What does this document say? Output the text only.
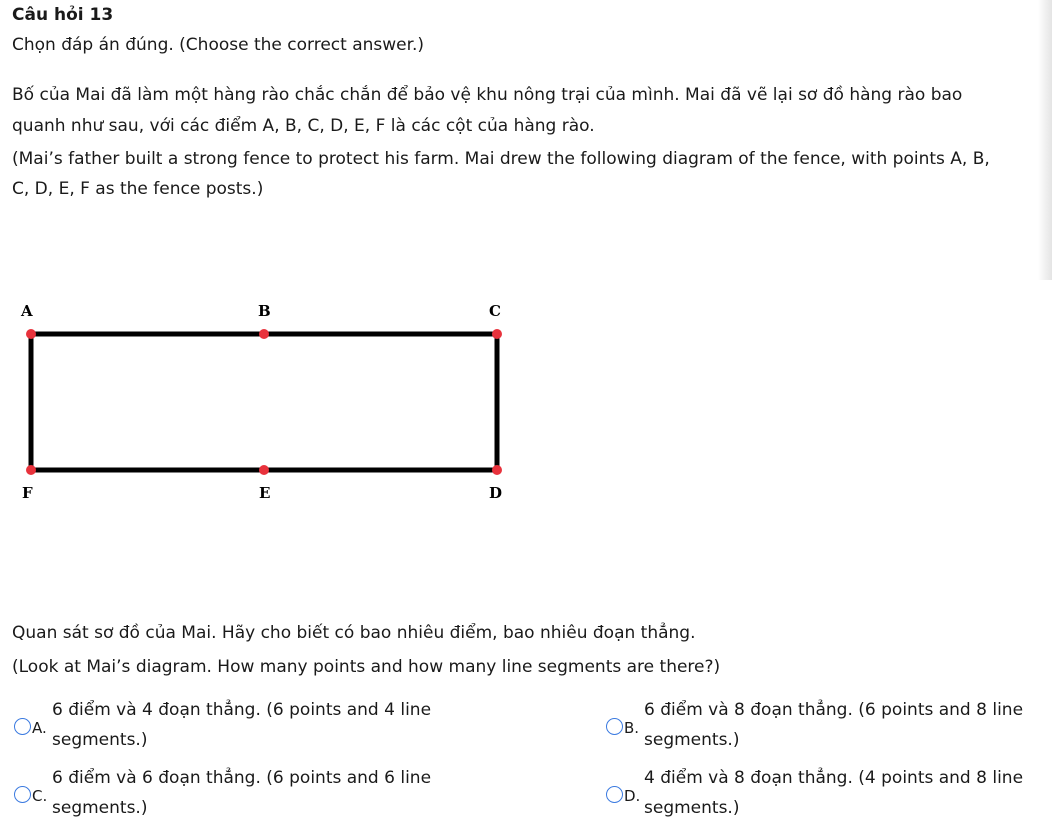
Câu hỏi 13
Chọn đáp án đúng. (Choose the correct answer.)
Bố của Mai đã làm một hàng rào chắc chắn để bảo vệ khu nông trại của mình. Mai đã vẽ lại sơ đồ hàng rào bao
quanh như sau, với các điểm A, B, C, D, E, F là các cột của hàng rào.
(Mai’s father built a strong fence to protect his farm. Mai drew the following diagram of the fence, with points A, B,
C, D, E, F as the fence posts.)
A	B	C
F	E	D
Quan sát sơ đồ của Mai. Hãy cho biết có bao nhiêu điểm, bao nhiêu đoạn thẳng.
(Look at Mai’s diagram. How many points and how many line segments are there?)
A.
6 điểm và 4 đoạn thẳng. (6 points and 4 line
segments.)
B.
6 điểm và 8 đoạn thẳng. (6 points and 8 line
segments.)
C.
6 điểm và 6 đoạn thẳng. (6 points and 6 line
segments.)
D.
4 điểm và 8 đoạn thẳng. (4 points and 8 line
segments.)
